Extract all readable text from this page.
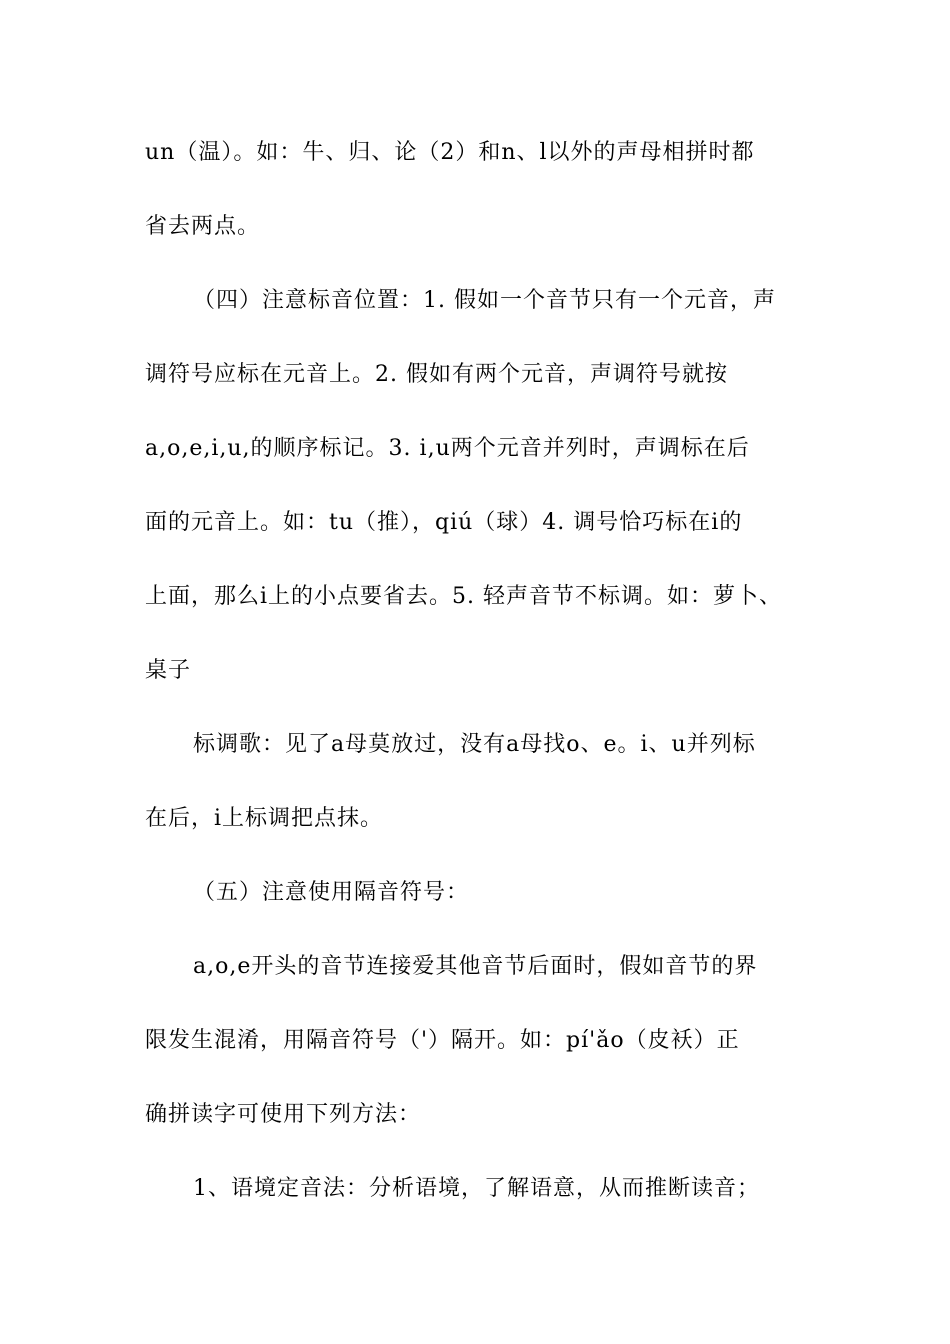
un（温）。如：牛、归、论（2）和n、l以外的声母相拼时都
省去两点。
（四）注意标音位置：1. 假如一个音节只有一个元音，声
调符号应标在元音上。2. 假如有两个元音，声调符号就按
a,o,e,i,u,的顺序标记。3. i,u两个元音并列时，声调标在后
面的元音上。如：tu（推），qiú（球）4. 调号恰巧标在i的
上面，那么i上的小点要省去。5. 轻声音节不标调。如：萝卜、
桌子
标调歌：见了a母莫放过，没有a母找o、e。i、u并列标
在后，i上标调把点抹。
（五）注意使用隔音符号：
a,o,e开头的音节连接爱其他音节后面时，假如音节的界
限发生混淆，用隔音符号（'）隔开。如：pí'ǎo（皮袄）正
确拼读字可使用下列方法：
1、语境定音法：分析语境，了解语意，从而推断读音；
